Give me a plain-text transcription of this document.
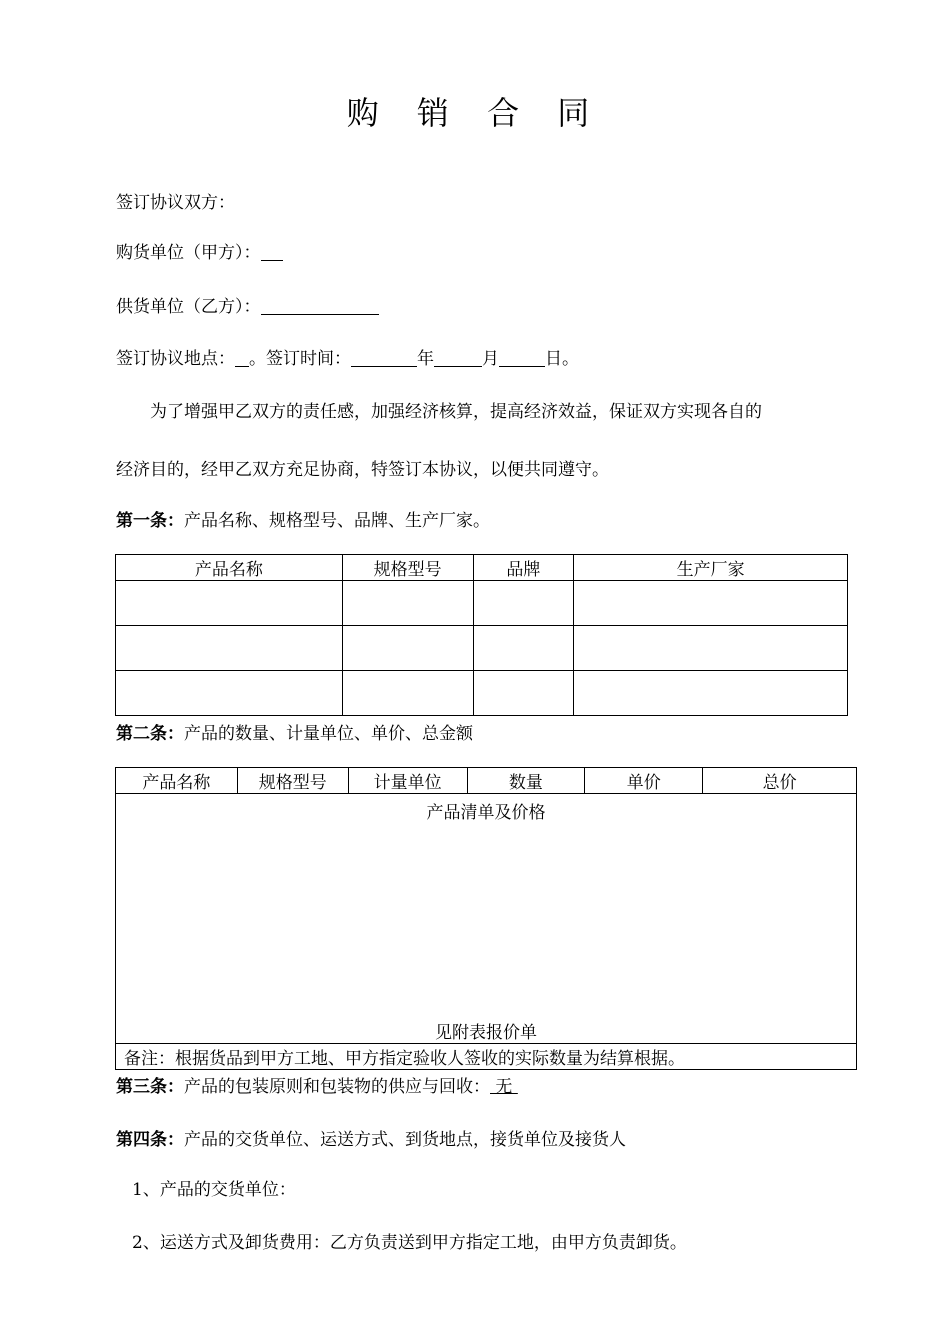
购 销 合 同
签订协议双方：
购货单位（甲方）：
供货单位（乙方）：
签订协议地点： 。签订时间：	年	月	日。
为了增强甲乙双方的责任感，加强经济核算，提高经济效益，保证双方实现各自的
经济目的，经甲乙双方充足协商，特签订本协议，以便共同遵守。
第一条：产品名称、规格型号、品牌、生产厂家。
产品名称	规格型号	品牌	生产厂家

第二条：产品的数量、计量单位、单价、总金额
产品名称	规格型号	计量单位	数量	单价	总价

产品清单及价格
见附表报价单

备注：根据货品到甲方工地、甲方指定验收人签收的实际数量为结算根据。
第三条：产品的包装原则和包装物的供应与回收： 无
第四条：产品的交货单位、运送方式、到货地点，接货单位及接货人
1、产品的交货单位：
2、运送方式及卸货费用：乙方负责送到甲方指定工地，由甲方负责卸货。
